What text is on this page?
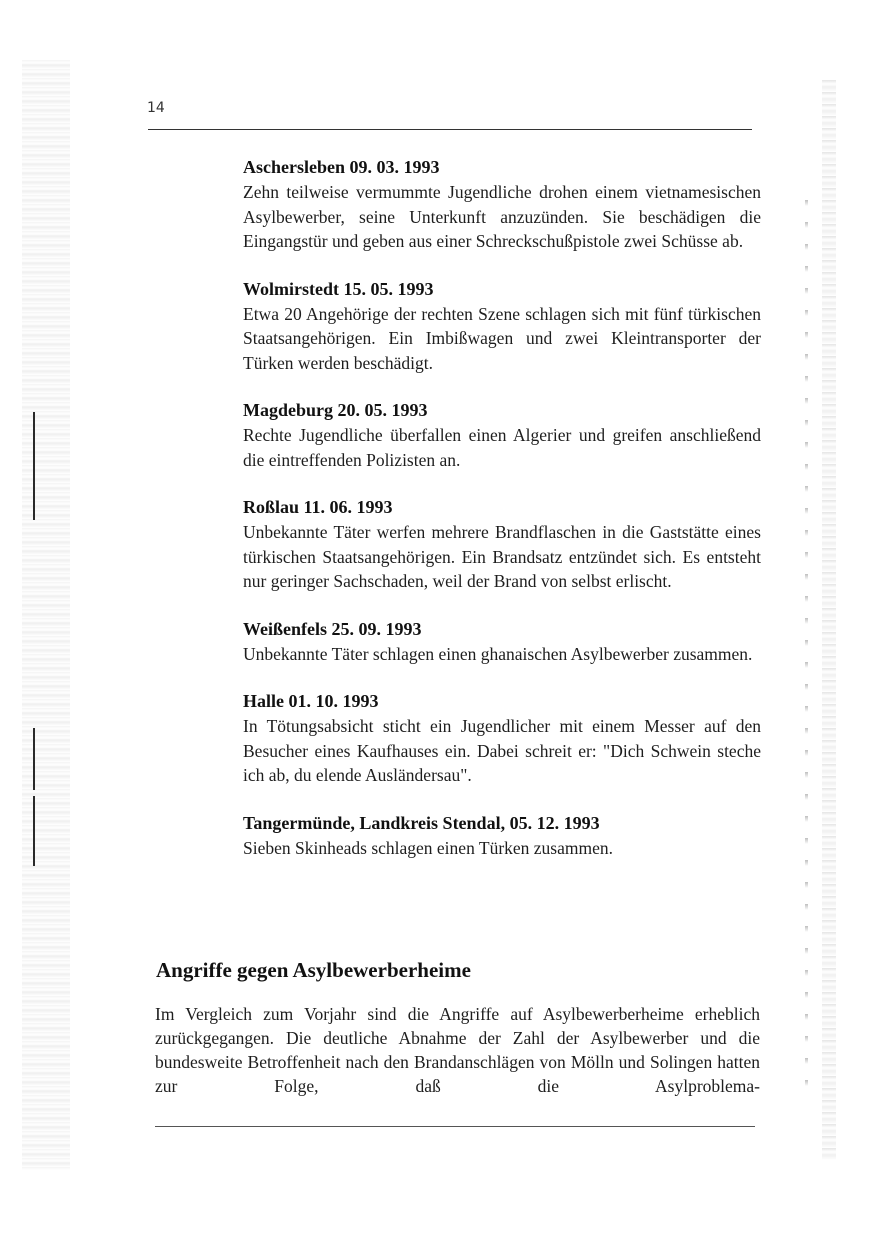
14
Aschersleben 09. 03. 1993
Zehn teilweise vermummte Jugendliche drohen einem vietnamesischen Asylbewerber, seine Unterkunft anzuzünden. Sie beschädigen die Eingangstür und geben aus einer Schreckschußpistole zwei Schüsse ab.
Wolmirstedt 15. 05. 1993
Etwa 20 Angehörige der rechten Szene schlagen sich mit fünf türkischen Staatsangehörigen. Ein Imbißwagen und zwei Kleintransporter der Türken werden beschädigt.
Magdeburg 20. 05. 1993
Rechte Jugendliche überfallen einen Algerier und greifen anschließend die eintreffenden Polizisten an.
Roßlau 11. 06. 1993
Unbekannte Täter werfen mehrere Brandflaschen in die Gaststätte eines türkischen Staatsangehörigen. Ein Brandsatz entzündet sich. Es entsteht nur geringer Sachschaden, weil der Brand von selbst erlischt.
Weißenfels 25. 09. 1993
Unbekannte Täter schlagen einen ghanaischen Asylbewerber zusammen.
Halle 01. 10. 1993
In Tötungsabsicht sticht ein Jugendlicher mit einem Messer auf den Besucher eines Kaufhauses ein. Dabei schreit er: "Dich Schwein steche ich ab, du elende Ausländersau".
Tangermünde, Landkreis Stendal, 05. 12. 1993
Sieben Skinheads schlagen einen Türken zusammen.
Angriffe gegen Asylbewerberheime
Im Vergleich zum Vorjahr sind die Angriffe auf Asylbewerberheime erheblich zurückgegangen. Die deutliche Abnahme der Zahl der Asylbewerber und die bundesweite Betroffenheit nach den Brandanschlägen von Mölln und Solingen hatten zur Folge, daß die Asylproblema-
